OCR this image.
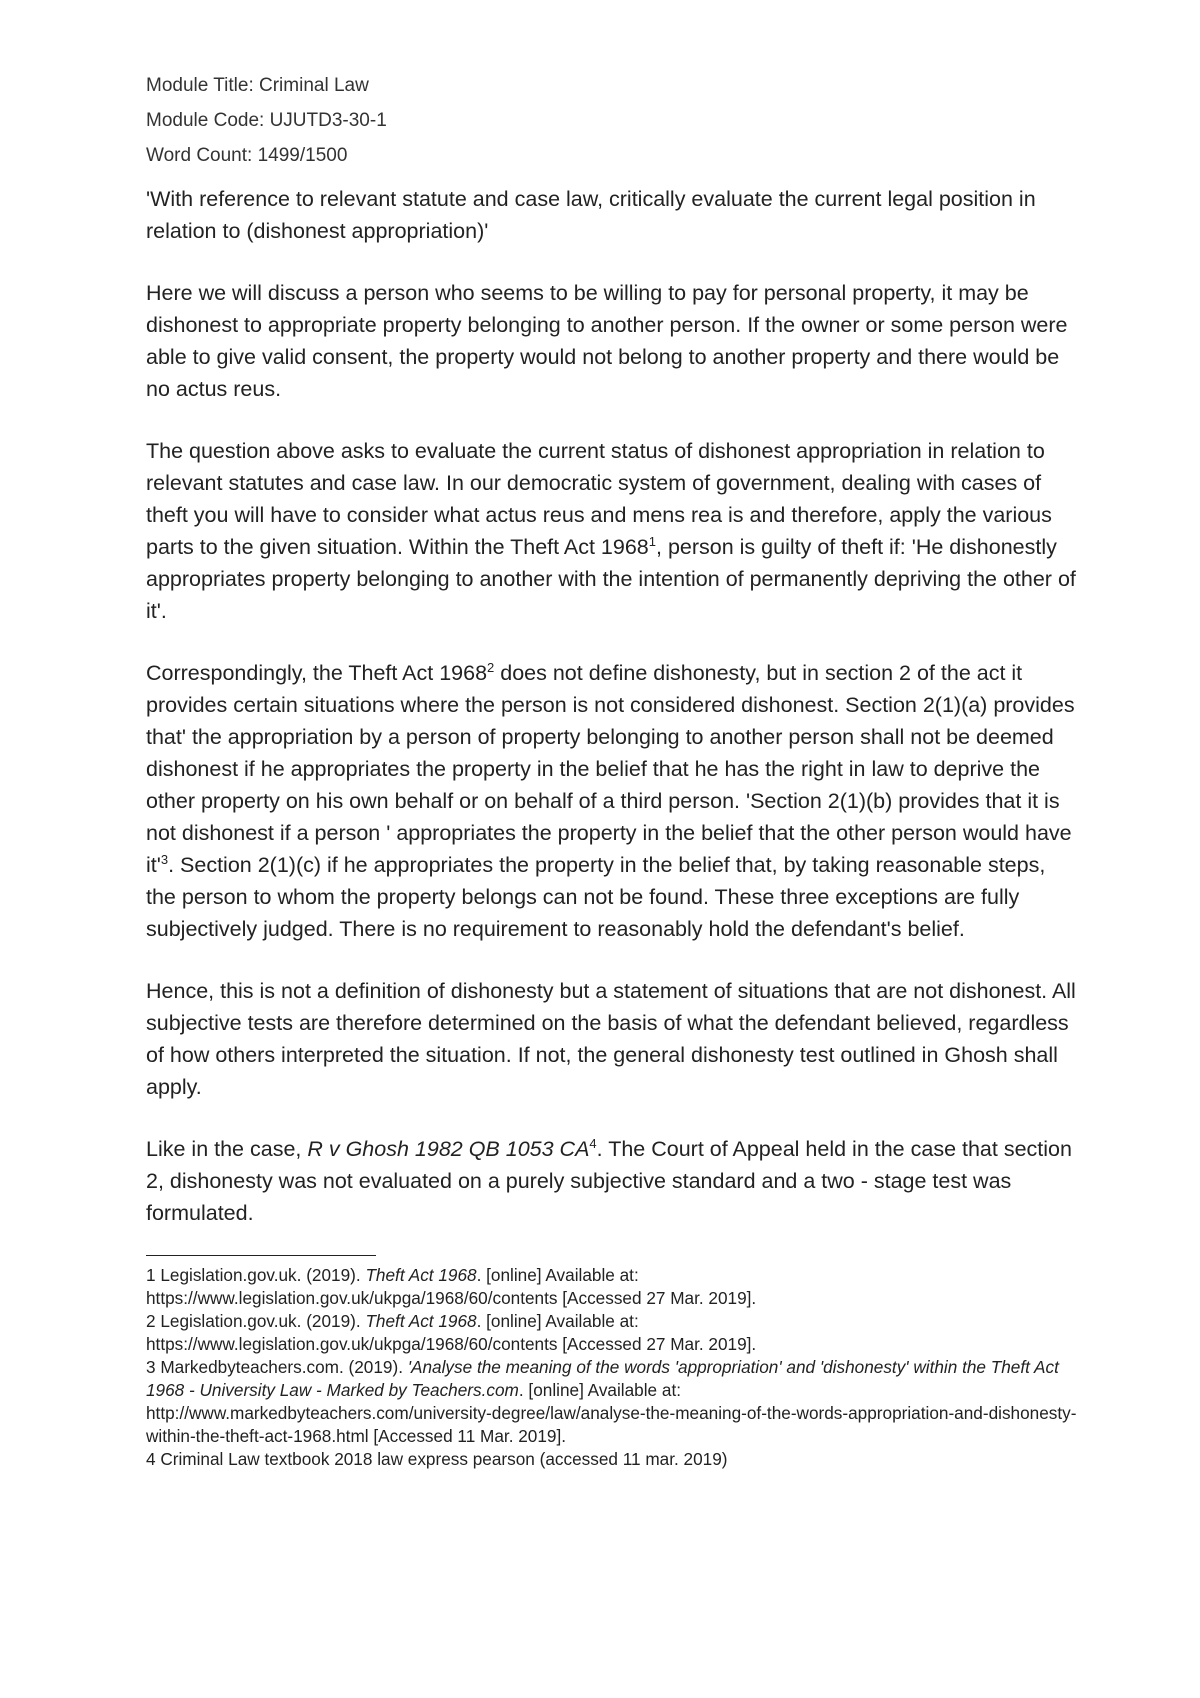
Module Title: Criminal Law

Module Code: UJUTD3-30-1

Word Count: 1499/1500

'With reference to relevant statute and case law, critically evaluate the current legal position in relation to (dishonest appropriation)'

Here we will discuss a person who seems to be willing to pay for personal property, it may be dishonest to appropriate property belonging to another person. If the owner or some person were able to give valid consent, the property would not belong to another property and there would be no actus reus.

The question above asks to evaluate the current status of dishonest appropriation in relation to relevant statutes and case law. In our democratic system of government, dealing with cases of theft you will have to consider what actus reus and mens rea is and therefore, apply the various parts to the given situation. Within the Theft Act 1968$^1$, person is guilty of theft if: 'He dishonestly appropriates property belonging to another with the intention of permanently depriving the other of it'.

Correspondingly, the Theft Act 1968$^2$ does not define dishonesty, but in section 2 of the act it provides certain situations where the person is not considered dishonest. Section 2(1)(a) provides that' the appropriation by a person of property belonging to another person shall not be deemed dishonest if he appropriates the property in the belief that he has the right in law to deprive the other property on his own behalf or on behalf of a third person. 'Section 2(1)(b) provides that it is not dishonest if a person ' appropriates the property in the belief that the other person would have $it'^3$. Section 2(1)(c) if he appropriates the property in the belief that, by taking reasonable steps, the person to whom the property belongs can not be found. These three exceptions are fully subjectively judged. There is no requirement to reasonably hold the defendant's belief.

Hence, this is not a definition of dishonesty but a statement of situations that are not dishonest. All subjective tests are therefore determined on the basis of what the defendant believed, regardless of how others interpreted the situation. If not, the general dishonesty test outlined in Ghosh shall apply.

Like in the case, R v Ghosh 1982 QB 1053 $CA^4$. The Court of Appeal held in the case that section 2, dishonesty was not evaluated on a purely subjective standard and a two - stage test was formulated.

1 Legislation.gov.uk. (2019). Theft Act 1968. [online] Available at:
https://www.legislation.gov.uk/ukpga/1968/60/contents [Accessed 27 Mar. 2019].

2 Legislation.gov.uk. (2019). Theft Act 1968. [online] Available at:
https://www.legislation.gov.uk/ukpga/1968/60/contents [Accessed 27 Mar. 2019].

3 Markedbyteachers.com. (2019). 'Analyse the meaning of the words 'appropriation' and 'dishonesty' within the Theft Act 1968 - University Law - Marked by Teachers.com. [online] Available at:
http://www.markedbyteachers.com/university-degree/law/analyse-the-meaning-of-the-words-appropriation-and-dishonesty-within-the-theft-act-1968.html [Accessed 11 Mar. 2019].

4 Criminal Law textbook 2018 law express pearson (accessed 11 mar. 2019)
